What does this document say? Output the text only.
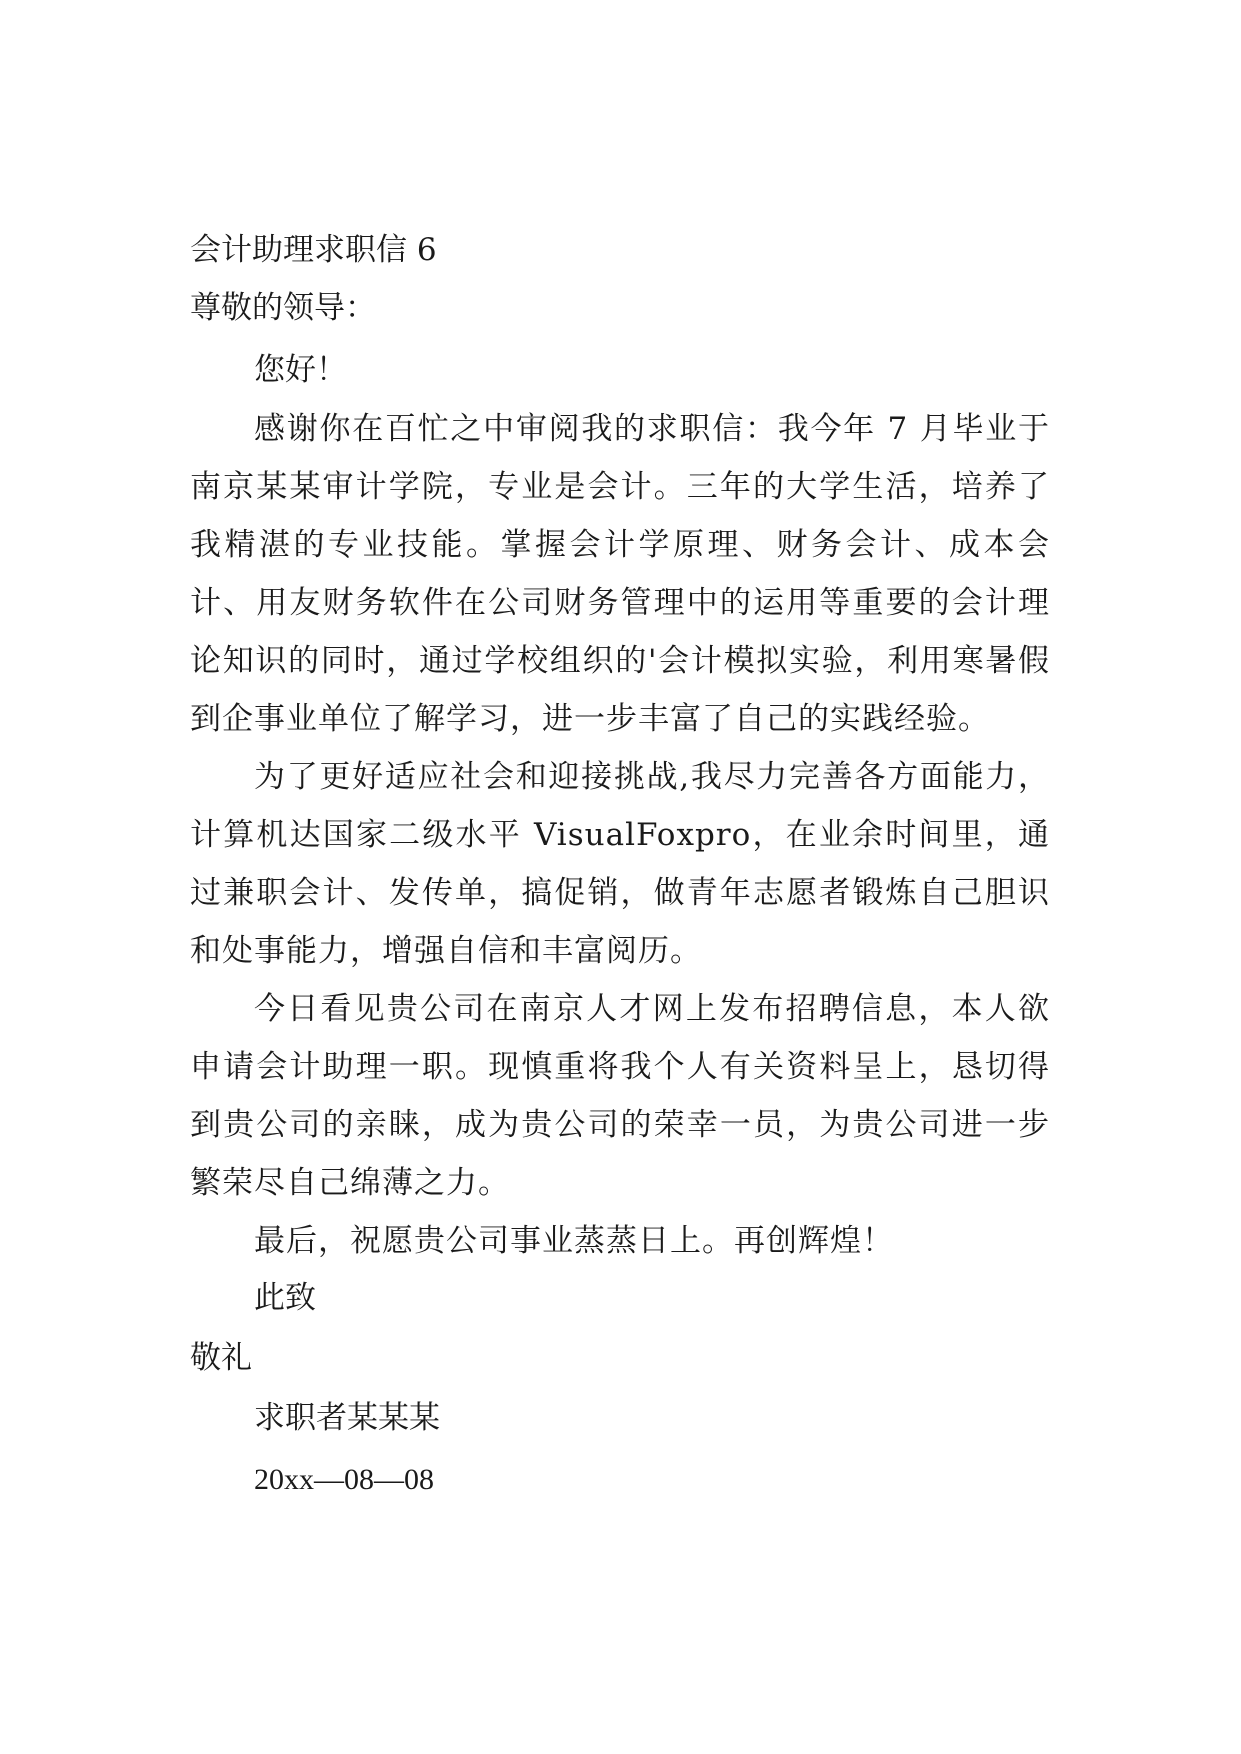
会计助理求职信 6

尊敬的领导：

您好！

感谢你在百忙之中审阅我的求职信：我今年 7 月毕业于南京某某审计学院，专业是会计。三年的大学生活，培养了我精湛的专业技能。掌握会计学原理、财务会计、成本会计、用友财务软件在公司财务管理中的运用等重要的会计理论知识的同时，通过学校组织的'会计模拟实验，利用寒暑假到企事业单位了解学习，进一步丰富了自己的实践经验。

为了更好适应社会和迎接挑战,我尽力完善各方面能力，计算机达国家二级水平 VisualFoxpro，在业余时间里，通过兼职会计、发传单，搞促销，做青年志愿者锻炼自己胆识和处事能力，增强自信和丰富阅历。

今日看见贵公司在南京人才网上发布招聘信息，本人欲申请会计助理一职。现慎重将我个人有关资料呈上，恳切得到贵公司的亲睐，成为贵公司的荣幸一员，为贵公司进一步繁荣尽自己绵薄之力。

最后，祝愿贵公司事业蒸蒸日上。再创辉煌！

此致

敬礼

求职者某某某

20xx—08—08
